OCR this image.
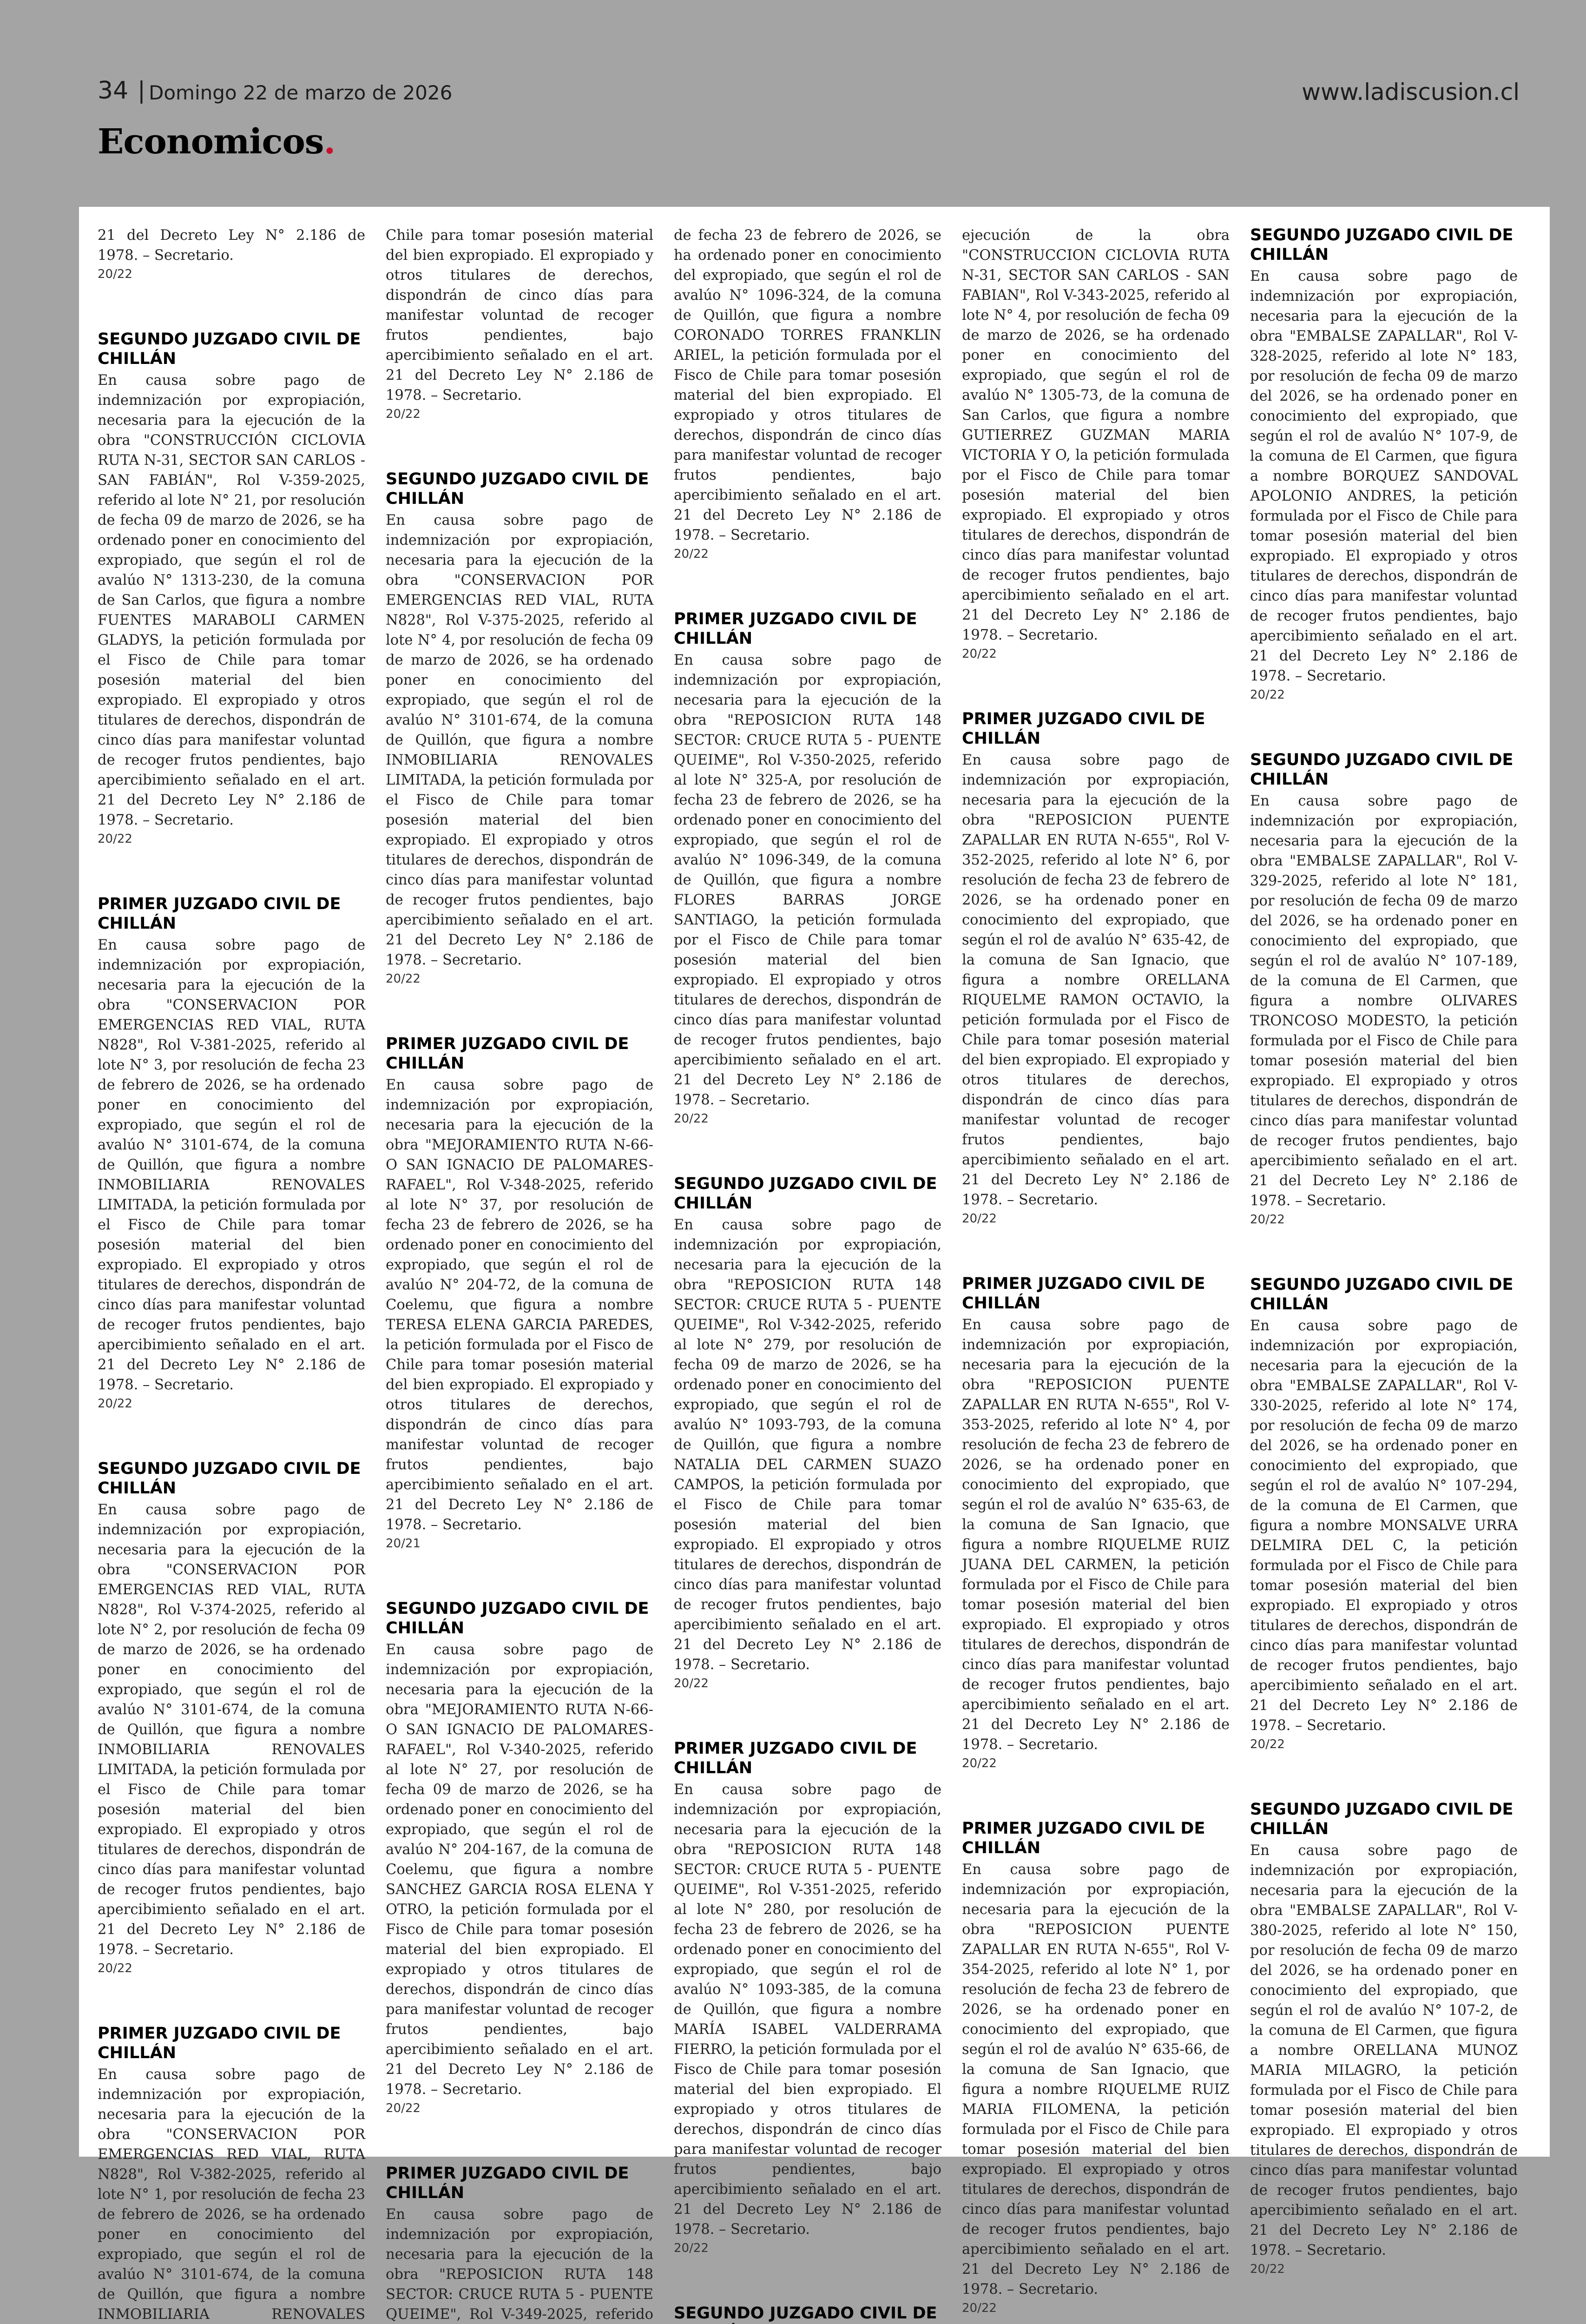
34 | Domingo 22 de marzo de 2026	www.ladiscusion.cl
Economicos.

21 del Decreto Ley N° 2.186 de 1978. – Secretario.

20/22
SEGUNDO JUZGADO CIVIL DE CHILLÁN

En causa sobre pago de indemnización por expropiación, necesaria para la ejecución de la obra "CONSTRUCCIÓN CICLOVIA RUTA N-31, SECTOR SAN CARLOS - SAN FABIÁN", Rol V-359-2025, referido al lote N° 21, por resolución de fecha 09 de marzo de 2026, se ha ordenado poner en conocimiento del expropiado, que según el rol de avalúo N° 1313-230, de la comuna de San Carlos, que figura a nombre FUENTES MARABOLI CARMEN GLADYS, la petición formulada por el Fisco de Chile para tomar posesión material del bien expropiado. El expropiado y otros titulares de derechos, dispondrán de cinco días para manifestar voluntad de recoger frutos pendientes, bajo apercibimiento señalado en el art. 21 del Decreto Ley N° 2.186 de 1978. – Secretario.

20/22
PRIMER JUZGADO CIVIL DE CHILLÁN

En causa sobre pago de indemnización por expropiación, necesaria para la ejecución de la obra "CONSERVACION POR EMERGENCIAS RED VIAL, RUTA N828", Rol V-381-2025, referido al lote N° 3, por resolución de fecha 23 de febrero de 2026, se ha ordenado poner en conocimiento del expropiado, que según el rol de avalúo N° 3101-674, de la comuna de Quillón, que figura a nombre INMOBILIARIA RENOVALES LIMITADA, la petición formulada por el Fisco de Chile para tomar posesión material del bien expropiado. El expropiado y otros titulares de derechos, dispondrán de cinco días para manifestar voluntad de recoger frutos pendientes, bajo apercibimiento señalado en el art. 21 del Decreto Ley N° 2.186 de 1978. – Secretario.

20/22
SEGUNDO JUZGADO CIVIL DE CHILLÁN

En causa sobre pago de indemnización por expropiación, necesaria para la ejecución de la obra "CONSERVACION POR EMERGENCIAS RED VIAL, RUTA N828", Rol V-374-2025, referido al lote N° 2, por resolución de fecha 09 de marzo de 2026, se ha ordenado poner en conocimiento del expropiado, que según el rol de avalúo N° 3101-674, de la comuna de Quillón, que figura a nombre INMOBILIARIA RENOVALES LIMITADA, la petición formulada por el Fisco de Chile para tomar posesión material del bien expropiado. El expropiado y otros titulares de derechos, dispondrán de cinco días para manifestar voluntad de recoger frutos pendientes, bajo apercibimiento señalado en el art. 21 del Decreto Ley N° 2.186 de 1978. – Secretario.

20/22
PRIMER JUZGADO CIVIL DE CHILLÁN

En causa sobre pago de indemnización por expropiación, necesaria para la ejecución de la obra "CONSERVACION POR EMERGENCIAS RED VIAL, RUTA N828", Rol V-382-2025, referido al lote N° 1, por resolución de fecha 23 de febrero de 2026, se ha ordenado poner en conocimiento del expropiado, que según el rol de avalúo N° 3101-674, de la comuna de Quillón, que figura a nombre INMOBILIARIA RENOVALES

Chile para tomar posesión material del bien expropiado. El expropiado y otros titulares de derechos, dispondrán de cinco días para manifestar voluntad de recoger frutos pendientes, bajo apercibimiento señalado en el art. 21 del Decreto Ley N° 2.186 de 1978. – Secretario.

20/22
SEGUNDO JUZGADO CIVIL DE CHILLÁN

En causa sobre pago de indemnización por expropiación, necesaria para la ejecución de la obra "CONSERVACION POR EMERGENCIAS RED VIAL, RUTA N828", Rol V-375-2025, referido al lote N° 4, por resolución de fecha 09 de marzo de 2026, se ha ordenado poner en conocimiento del expropiado, que según el rol de avalúo N° 3101-674, de la comuna de Quillón, que figura a nombre INMOBILIARIA RENOVALES LIMITADA, la petición formulada por el Fisco de Chile para tomar posesión material del bien expropiado. El expropiado y otros titulares de derechos, dispondrán de cinco días para manifestar voluntad de recoger frutos pendientes, bajo apercibimiento señalado en el art. 21 del Decreto Ley N° 2.186 de 1978. – Secretario.

20/22
PRIMER JUZGADO CIVIL DE CHILLÁN

En causa sobre pago de indemnización por expropiación, necesaria para la ejecución de la obra "MEJORAMIENTO RUTA N-66-O SAN IGNACIO DE PALOMARES-RAFAEL", Rol V-348-2025, referido al lote N° 37, por resolución de fecha 23 de febrero de 2026, se ha ordenado poner en conocimiento del expropiado, que según el rol de avalúo N° 204-72, de la comuna de Coelemu, que figura a nombre TERESA ELENA GARCIA PAREDES, la petición formulada por el Fisco de Chile para tomar posesión material del bien expropiado. El expropiado y otros titulares de derechos, dispondrán de cinco días para manifestar voluntad de recoger frutos pendientes, bajo apercibimiento señalado en el art. 21 del Decreto Ley N° 2.186 de 1978. – Secretario.

20/21
SEGUNDO JUZGADO CIVIL DE CHILLÁN

En causa sobre pago de indemnización por expropiación, necesaria para la ejecución de la obra "MEJORAMIENTO RUTA N-66-O SAN IGNACIO DE PALOMARES-RAFAEL", Rol V-340-2025, referido al lote N° 27, por resolución de fecha 09 de marzo de 2026, se ha ordenado poner en conocimiento del expropiado, que según el rol de avalúo N° 204-167, de la comuna de Coelemu, que figura a nombre SANCHEZ GARCIA ROSA ELENA Y OTRO, la petición formulada por el Fisco de Chile para tomar posesión material del bien expropiado. El expropiado y otros titulares de derechos, dispondrán de cinco días para manifestar voluntad de recoger frutos pendientes, bajo apercibimiento señalado en el art. 21 del Decreto Ley N° 2.186 de 1978. – Secretario.

20/22
PRIMER JUZGADO CIVIL DE CHILLÁN

En causa sobre pago de indemnización por expropiación, necesaria para la ejecución de la obra "REPOSICION RUTA 148 SECTOR: CRUCE RUTA 5 - PUENTE QUEIME", Rol V-349-2025, referido

de fecha 23 de febrero de 2026, se ha ordenado poner en conocimiento del expropiado, que según el rol de avalúo N° 1096-324, de la comuna de Quillón, que figura a nombre CORONADO TORRES FRANKLIN ARIEL, la petición formulada por el Fisco de Chile para tomar posesión material del bien expropiado. El expropiado y otros titulares de derechos, dispondrán de cinco días para manifestar voluntad de recoger frutos pendientes, bajo apercibimiento señalado en el art. 21 del Decreto Ley N° 2.186 de 1978. – Secretario.

20/22
PRIMER JUZGADO CIVIL DE CHILLÁN

En causa sobre pago de indemnización por expropiación, necesaria para la ejecución de la obra "REPOSICION RUTA 148 SECTOR: CRUCE RUTA 5 - PUENTE QUEIME", Rol V-350-2025, referido al lote N° 325-A, por resolución de fecha 23 de febrero de 2026, se ha ordenado poner en conocimiento del expropiado, que según el rol de avalúo N° 1096-349, de la comuna de Quillón, que figura a nombre FLORES BARRAS JORGE SANTIAGO, la petición formulada por el Fisco de Chile para tomar posesión material del bien expropiado. El expropiado y otros titulares de derechos, dispondrán de cinco días para manifestar voluntad de recoger frutos pendientes, bajo apercibimiento señalado en el art. 21 del Decreto Ley N° 2.186 de 1978. – Secretario.

20/22
SEGUNDO JUZGADO CIVIL DE CHILLÁN

En causa sobre pago de indemnización por expropiación, necesaria para la ejecución de la obra "REPOSICION RUTA 148 SECTOR: CRUCE RUTA 5 - PUENTE QUEIME", Rol V-342-2025, referido al lote N° 279, por resolución de fecha 09 de marzo de 2026, se ha ordenado poner en conocimiento del expropiado, que según el rol de avalúo N° 1093-793, de la comuna de Quillón, que figura a nombre NATALIA DEL CARMEN SUAZO CAMPOS, la petición formulada por el Fisco de Chile para tomar posesión material del bien expropiado. El expropiado y otros titulares de derechos, dispondrán de cinco días para manifestar voluntad de recoger frutos pendientes, bajo apercibimiento señalado en el art. 21 del Decreto Ley N° 2.186 de 1978. – Secretario.

20/22
PRIMER JUZGADO CIVIL DE CHILLÁN

En causa sobre pago de indemnización por expropiación, necesaria para la ejecución de la obra "REPOSICION RUTA 148 SECTOR: CRUCE RUTA 5 - PUENTE QUEIME", Rol V-351-2025, referido al lote N° 280, por resolución de fecha 23 de febrero de 2026, se ha ordenado poner en conocimiento del expropiado, que según el rol de avalúo N° 1093-385, de la comuna de Quillón, que figura a nombre MARÍA ISABEL VALDERRAMA FIERRO, la petición formulada por el Fisco de Chile para tomar posesión material del bien expropiado. El expropiado y otros titulares de derechos, dispondrán de cinco días para manifestar voluntad de recoger frutos pendientes, bajo apercibimiento señalado en el art. 21 del Decreto Ley N° 2.186 de 1978. – Secretario.

20/22
SEGUNDO JUZGADO CIVIL DE

ejecución de la obra "CONSTRUCCION CICLOVIA RUTA N-31, SECTOR SAN CARLOS - SAN FABIAN", Rol V-343-2025, referido al lote N° 4, por resolución de fecha 09 de marzo de 2026, se ha ordenado poner en conocimiento del expropiado, que según el rol de avalúo N° 1305-73, de la comuna de San Carlos, que figura a nombre GUTIERREZ GUZMAN MARIA VICTORIA Y O, la petición formulada por el Fisco de Chile para tomar posesión material del bien expropiado. El expropiado y otros titulares de derechos, dispondrán de cinco días para manifestar voluntad de recoger frutos pendientes, bajo apercibimiento señalado en el art. 21 del Decreto Ley N° 2.186 de 1978. – Secretario.

20/22
PRIMER JUZGADO CIVIL DE CHILLÁN

En causa sobre pago de indemnización por expropiación, necesaria para la ejecución de la obra "REPOSICION PUENTE ZAPALLAR EN RUTA N-655", Rol V-352-2025, referido al lote N° 6, por resolución de fecha 23 de febrero de 2026, se ha ordenado poner en conocimiento del expropiado, que según el rol de avalúo N° 635-42, de la comuna de San Ignacio, que figura a nombre ORELLANA RIQUELME RAMON OCTAVIO, la petición formulada por el Fisco de Chile para tomar posesión material del bien expropiado. El expropiado y otros titulares de derechos, dispondrán de cinco días para manifestar voluntad de recoger frutos pendientes, bajo apercibimiento señalado en el art. 21 del Decreto Ley N° 2.186 de 1978. – Secretario.

20/22
PRIMER JUZGADO CIVIL DE CHILLÁN

En causa sobre pago de indemnización por expropiación, necesaria para la ejecución de la obra "REPOSICION PUENTE ZAPALLAR EN RUTA N-655", Rol V-353-2025, referido al lote N° 4, por resolución de fecha 23 de febrero de 2026, se ha ordenado poner en conocimiento del expropiado, que según el rol de avalúo N° 635-63, de la comuna de San Ignacio, que figura a nombre RIQUELME RUIZ JUANA DEL CARMEN, la petición formulada por el Fisco de Chile para tomar posesión material del bien expropiado. El expropiado y otros titulares de derechos, dispondrán de cinco días para manifestar voluntad de recoger frutos pendientes, bajo apercibimiento señalado en el art. 21 del Decreto Ley N° 2.186 de 1978. – Secretario.

20/22
PRIMER JUZGADO CIVIL DE CHILLÁN

En causa sobre pago de indemnización por expropiación, necesaria para la ejecución de la obra "REPOSICION PUENTE ZAPALLAR EN RUTA N-655", Rol V-354-2025, referido al lote N° 1, por resolución de fecha 23 de febrero de 2026, se ha ordenado poner en conocimiento del expropiado, que según el rol de avalúo N° 635-66, de la comuna de San Ignacio, que figura a nombre RIQUELME RUIZ MARIA FILOMENA, la petición formulada por el Fisco de Chile para tomar posesión material del bien expropiado. El expropiado y otros titulares de derechos, dispondrán de cinco días para manifestar voluntad de recoger frutos pendientes, bajo apercibimiento señalado en el art. 21 del Decreto Ley N° 2.186 de 1978. – Secretario.

20/22
SEGUNDO JUZGADO CIVIL DE CHILLÁN

En causa sobre pago de indemnización por expropiación, necesaria para la ejecución de la obra "EMBALSE ZAPALLAR", Rol V-328-2025, referido al lote N° 183, por resolución de fecha 09 de marzo del 2026, se ha ordenado poner en conocimiento del expropiado, que según el rol de avalúo N° 107-9, de la comuna de El Carmen, que figura a nombre BORQUEZ SANDOVAL APOLONIO ANDRES, la petición formulada por el Fisco de Chile para tomar posesión material del bien expropiado. El expropiado y otros titulares de derechos, dispondrán de cinco días para manifestar voluntad de recoger frutos pendientes, bajo apercibimiento señalado en el art. 21 del Decreto Ley N° 2.186 de 1978. – Secretario.

20/22
SEGUNDO JUZGADO CIVIL DE CHILLÁN

En causa sobre pago de indemnización por expropiación, necesaria para la ejecución de la obra "EMBALSE ZAPALLAR", Rol V-329-2025, referido al lote N° 181, por resolución de fecha 09 de marzo del 2026, se ha ordenado poner en conocimiento del expropiado, que según el rol de avalúo N° 107-189, de la comuna de El Carmen, que figura a nombre OLIVARES TRONCOSO MODESTO, la petición formulada por el Fisco de Chile para tomar posesión material del bien expropiado. El expropiado y otros titulares de derechos, dispondrán de cinco días para manifestar voluntad de recoger frutos pendientes, bajo apercibimiento señalado en el art. 21 del Decreto Ley N° 2.186 de 1978. – Secretario.

20/22
SEGUNDO JUZGADO CIVIL DE CHILLÁN

En causa sobre pago de indemnización por expropiación, necesaria para la ejecución de la obra "EMBALSE ZAPALLAR", Rol V-330-2025, referido al lote N° 174, por resolución de fecha 09 de marzo del 2026, se ha ordenado poner en conocimiento del expropiado, que según el rol de avalúo N° 107-294, de la comuna de El Carmen, que figura a nombre MONSALVE URRA DELMIRA DEL C, la petición formulada por el Fisco de Chile para tomar posesión material del bien expropiado. El expropiado y otros titulares de derechos, dispondrán de cinco días para manifestar voluntad de recoger frutos pendientes, bajo apercibimiento señalado en el art. 21 del Decreto Ley N° 2.186 de 1978. – Secretario.

20/22
SEGUNDO JUZGADO CIVIL DE CHILLÁN

En causa sobre pago de indemnización por expropiación, necesaria para la ejecución de la obra "EMBALSE ZAPALLAR", Rol V-380-2025, referido al lote N° 150, por resolución de fecha 09 de marzo del 2026, se ha ordenado poner en conocimiento del expropiado, que según el rol de avalúo N° 107-2, de la comuna de El Carmen, que figura a nombre ORELLANA MUNOZ MARIA MILAGRO, la petición formulada por el Fisco de Chile para tomar posesión material del bien expropiado. El expropiado y otros titulares de derechos, dispondrán de cinco días para manifestar voluntad de recoger frutos pendientes, bajo apercibimiento señalado en el art. 21 del Decreto Ley N° 2.186 de 1978. – Secretario.

20/22
